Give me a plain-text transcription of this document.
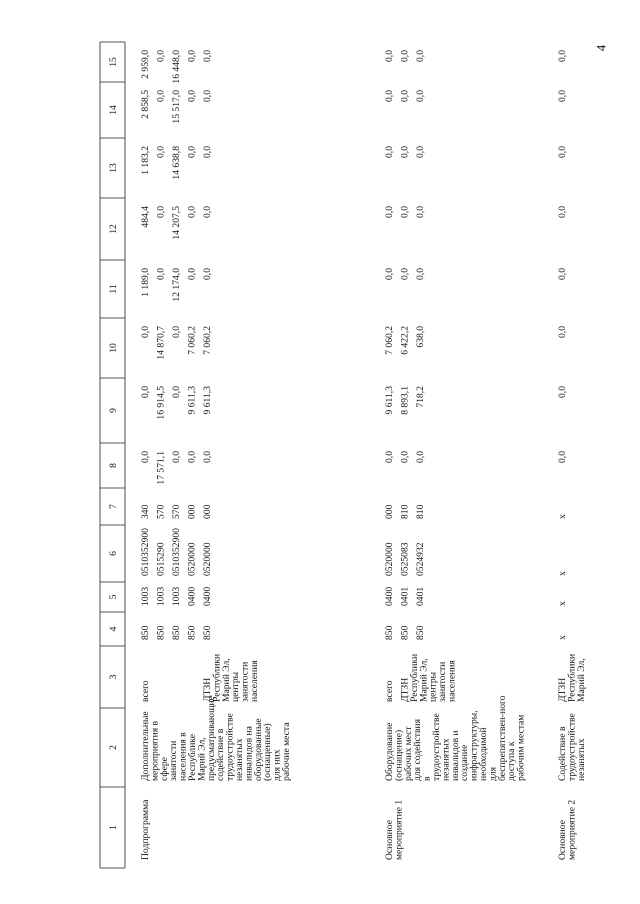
4
1
2
3
4
5
6
7
8
9
10
11
12
13
14
15
Подпрограмма
Дополнительные
мероприятия в
сфере
занятости
населения в
Республике
Марий Эл,
предусматривающие
содействие в
трудоустройстве
незанятых
инвалидов на
оборудованные
(оснащенные)
для них
рабочие места
всего
850
1003
0510352900
340
0,0
0,0
0,0
1 189,0
484,4
1 183,2
2 858,5
2 959,0
850
1003
0515290
570
17 571,1
16 914,5
14 870,7
0,0
0,0
0,0
0,0
0,0
850
1003
0510352900
570
0,0
0,0
0,0
12 174,0
14 207,5
14 638,8
15 517,0
16 448,0
850
0400
0520000
000
0,0
9 611,3
7 060,2
0,0
0,0
0,0
0,0
0,0
ДТЗН
Республики
Марий Эл,
центры
занятости
населения
850
0400
0520000
000
0,0
9 611,3
7 060,2
0,0
0,0
0,0
0,0
0,0
Основное
мероприятие 1
Оборудование
(оснащение)
рабочих мест
для содействия
в
трудоустройстве
незанятых
инвалидов и
создание
инфраструктуры,
необходимой
для
беспрепятствен-ного
доступа к
рабочим местам
всего
850
0400
0520000
000
0,0
9 611,3
7 060,2
0,0
0,0
0,0
0,0
0,0
ДТЗН
Республики
Марий Эл,
центры
занятости
населения
850
0401
0525083
810
0,0
8 893,1
6 422,2
0,0
0,0
0,0
0,0
0,0
850
0401
0524932
810
0,0
718,2
638,0
0,0
0,0
0,0
0,0
0,0
Основное
мероприятие 2
Содействие в
трудоустройстве
незанятых
ДТЗН
Республики
Марий Эл,
x
x
x
x
0,0
0,0
0,0
0,0
0,0
0,0
0,0
0,0
